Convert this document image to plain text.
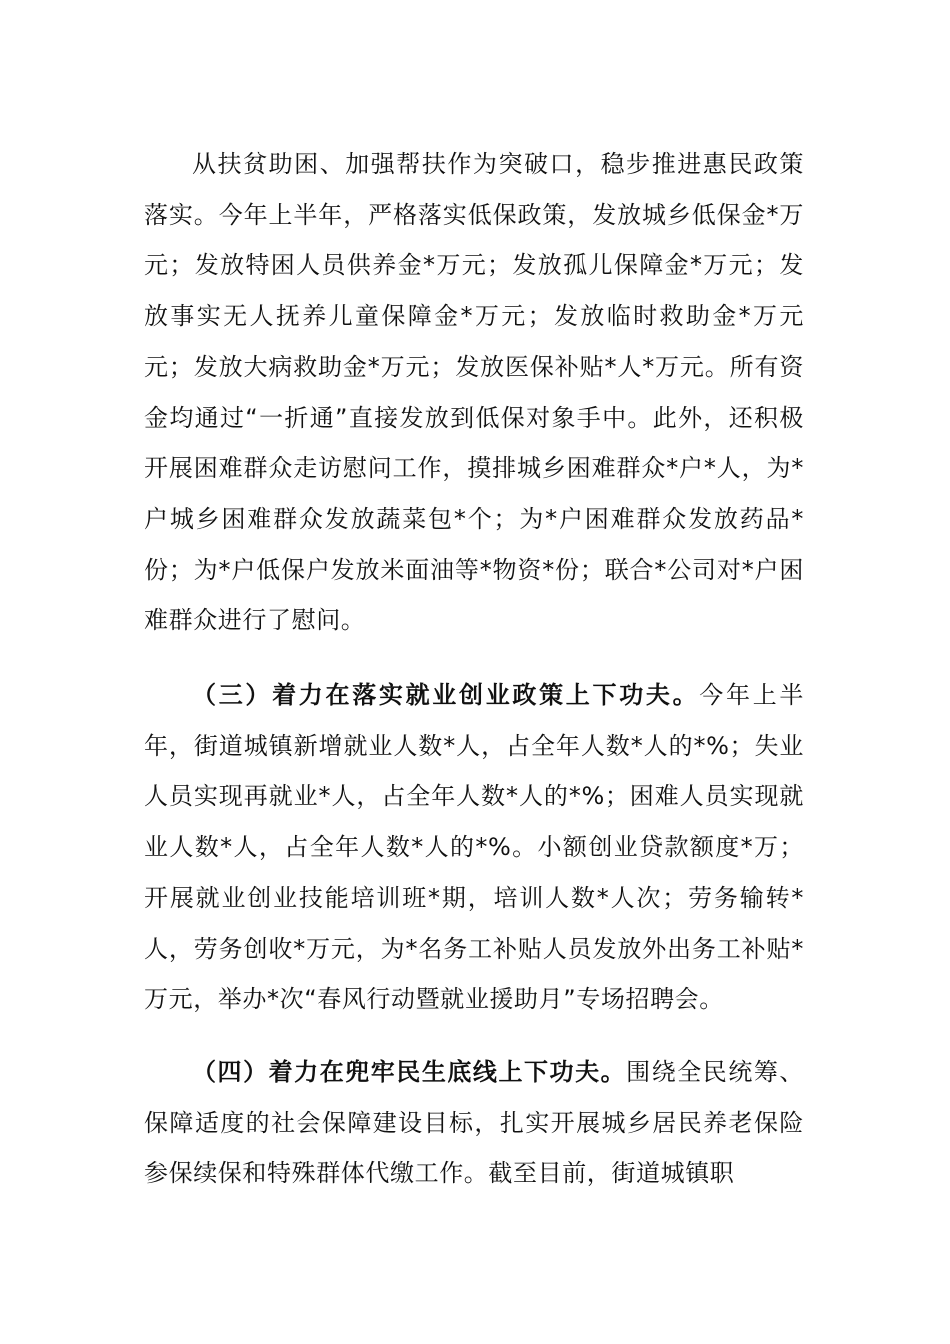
从扶贫助困、加强帮扶作为突破口，稳步推进惠民政策落实。今年上半年，严格落实低保政策，发放城乡低保金*万元；发放特困人员供养金*万元；发放孤儿保障金*万元；发放事实无人抚养儿童保障金*万元；发放临时救助金*万元元；发放大病救助金*万元；发放医保补贴*人*万元。所有资金均通过“一折通”直接发放到低保对象手中。此外，还积极开展困难群众走访慰问工作，摸排城乡困难群众*户*人，为*户城乡困难群众发放蔬菜包*个；为*户困难群众发放药品*份；为*户低保户发放米面油等*物资*份；联合*公司对*户困难群众进行了慰问。

（三）着力在落实就业创业政策上下功夫。今年上半年，街道城镇新增就业人数*人，占全年人数*人的*%；失业人员实现再就业*人，占全年人数*人的*%；困难人员实现就业人数*人，占全年人数*人的*%。小额创业贷款额度*万；开展就业创业技能培训班*期，培训人数*人次；劳务输转*人，劳务创收*万元，为*名务工补贴人员发放外出务工补贴*万元，举办*次“春风行动暨就业援助月”专场招聘会。

（四）着力在兜牢民生底线上下功夫。围绕全民统筹、保障适度的社会保障建设目标，扎实开展城乡居民养老保险参保续保和特殊群体代缴工作。截至目前，街道城镇职
